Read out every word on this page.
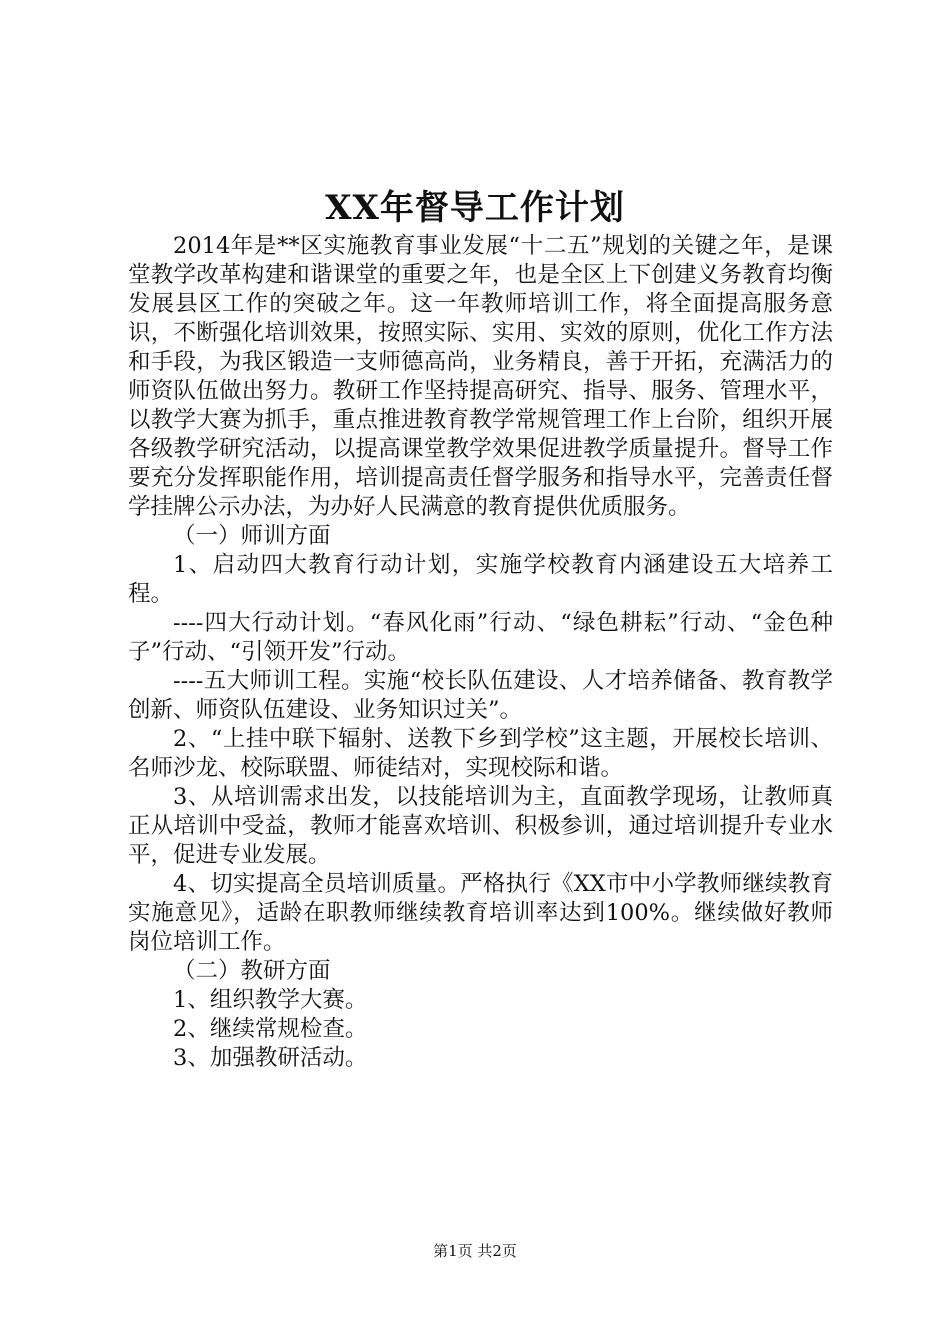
XX年督导工作计划

2014年是**区实施教育事业发展“十二五”规划的关键之年，是课堂教学改革构建和谐课堂的重要之年，也是全区上下创建义务教育均衡发展县区工作的突破之年。这一年教师培训工作，将全面提高服务意识，不断强化培训效果，按照实际、实用、实效的原则，优化工作方法和手段，为我区锻造一支师德高尚，业务精良，善于开拓，充满活力的师资队伍做出努力。教研工作坚持提高研究、指导、服务、管理水平，以教学大赛为抓手，重点推进教育教学常规管理工作上台阶，组织开展各级教学研究活动，以提高课堂教学效果促进教学质量提升。督导工作要充分发挥职能作用，培训提高责任督学服务和指导水平，完善责任督学挂牌公示办法，为办好人民满意的教育提供优质服务。

（一）师训方面

1、启动四大教育行动计划，实施学校教育内涵建设五大培养工程。

----四大行动计划。“春风化雨”行动、“绿色耕耘”行动、“金色种子”行动、“引领开发”行动。

----五大师训工程。实施“校长队伍建设、人才培养储备、教育教学创新、师资队伍建设、业务知识过关”。

2、“上挂中联下辐射、送教下乡到学校”这主题，开展校长培训、名师沙龙、校际联盟、师徒结对，实现校际和谐。

3、从培训需求出发，以技能培训为主，直面教学现场，让教师真正从培训中受益，教师才能喜欢培训、积极参训，通过培训提升专业水平，促进专业发展。

4、切实提高全员培训质量。严格执行《XX市中小学教师继续教育实施意见》，适龄在职教师继续教育培训率达到100%。继续做好教师岗位培训工作。

（二）教研方面

1、组织教学大赛。

2、继续常规检查。

3、加强教研活动。

第1页 共2页
